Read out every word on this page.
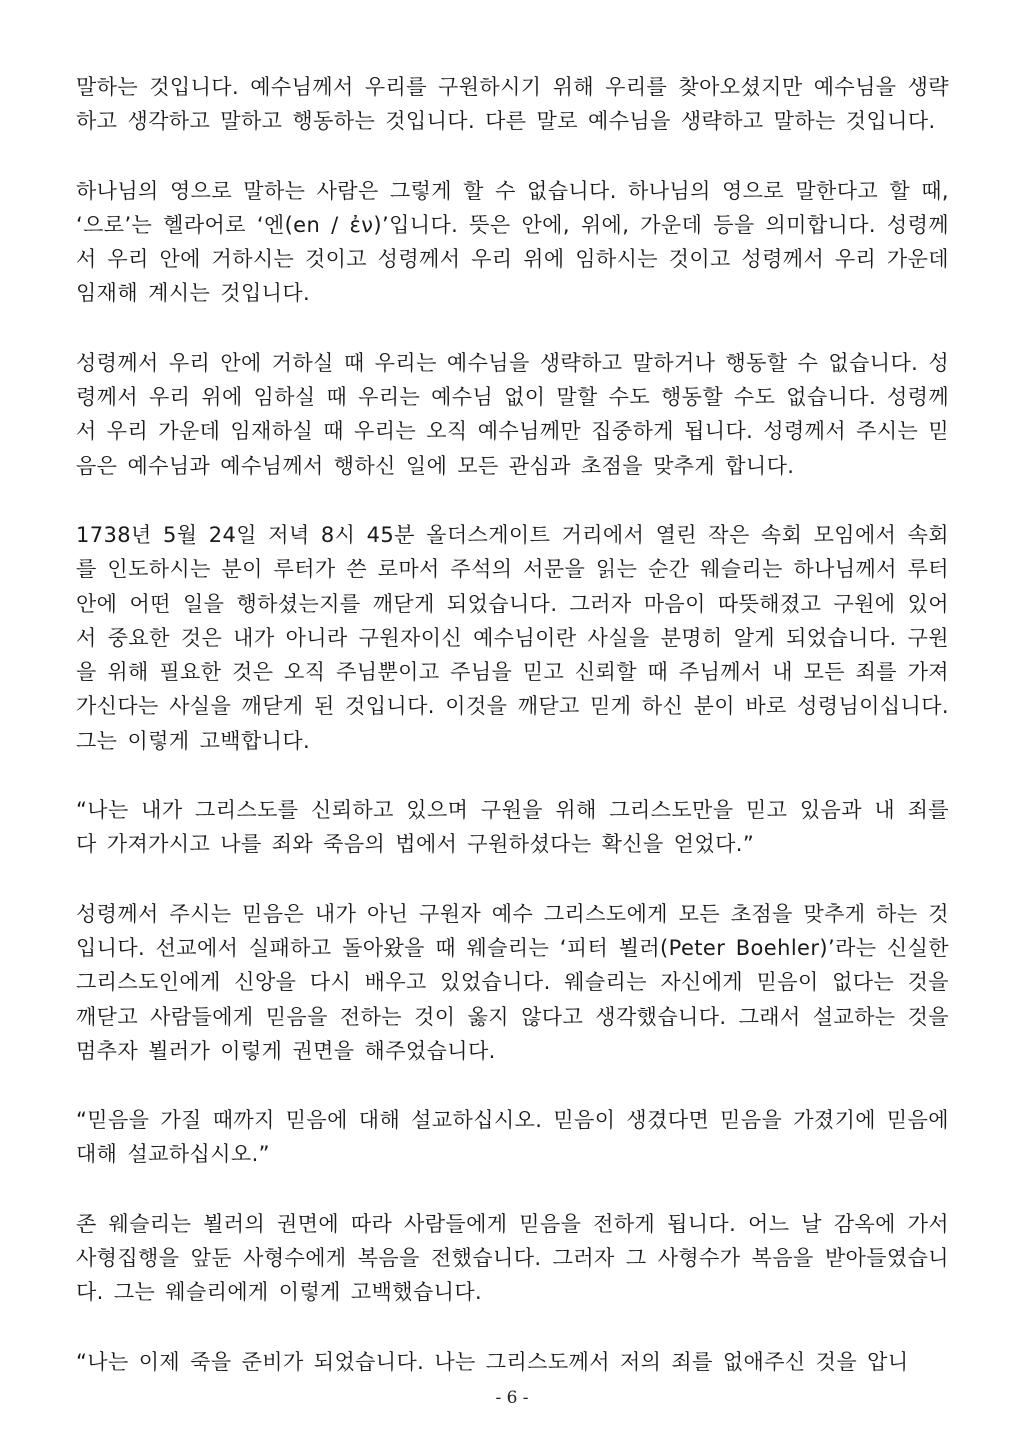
말하는 것입니다. 예수님께서 우리를 구원하시기 위해 우리를 찾아오셨지만 예수님을 생략하고 생각하고 말하고 행동하는 것입니다. 다른 말로 예수님을 생략하고 말하는 것입니다.

하나님의 영으로 말하는 사람은 그렇게 할 수 없습니다. 하나님의 영으로 말한다고 할 때, ‘으로’는 헬라어로 ‘엔(en / ἐν)’입니다. 뜻은 안에, 위에, 가운데 등을 의미합니다. 성령께서 우리 안에 거하시는 것이고 성령께서 우리 위에 임하시는 것이고 성령께서 우리 가운데 임재해 계시는 것입니다.

성령께서 우리 안에 거하실 때 우리는 예수님을 생략하고 말하거나 행동할 수 없습니다. 성령께서 우리 위에 임하실 때 우리는 예수님 없이 말할 수도 행동할 수도 없습니다. 성령께서 우리 가운데 임재하실 때 우리는 오직 예수님께만 집중하게 됩니다. 성령께서 주시는 믿음은 예수님과 예수님께서 행하신 일에 모든 관심과 초점을 맞추게 합니다.

1738년 5월 24일 저녁 8시 45분 올더스게이트 거리에서 열린 작은 속회 모임에서 속회를 인도하시는 분이 루터가 쓴 로마서 주석의 서문을 읽는 순간 웨슬리는 하나님께서 루터 안에 어떤 일을 행하셨는지를 깨닫게 되었습니다. 그러자 마음이 따뜻해졌고 구원에 있어서 중요한 것은 내가 아니라 구원자이신 예수님이란 사실을 분명히 알게 되었습니다. 구원을 위해 필요한 것은 오직 주님뿐이고 주님을 믿고 신뢰할 때 주님께서 내 모든 죄를 가져가신다는 사실을 깨닫게 된 것입니다. 이것을 깨닫고 믿게 하신 분이 바로 성령님이십니다. 그는 이렇게 고백합니다.

“나는 내가 그리스도를 신뢰하고 있으며 구원을 위해 그리스도만을 믿고 있음과 내 죄를 다 가져가시고 나를 죄와 죽음의 법에서 구원하셨다는 확신을 얻었다.”

성령께서 주시는 믿음은 내가 아닌 구원자 예수 그리스도에게 모든 초점을 맞추게 하는 것입니다. 선교에서 실패하고 돌아왔을 때 웨슬리는 ‘피터 뵐러(Peter Boehler)’라는 신실한 그리스도인에게 신앙을 다시 배우고 있었습니다. 웨슬리는 자신에게 믿음이 없다는 것을 깨닫고 사람들에게 믿음을 전하는 것이 옳지 않다고 생각했습니다. 그래서 설교하는 것을 멈추자 뵐러가 이렇게 권면을 해주었습니다.

“믿음을 가질 때까지 믿음에 대해 설교하십시오. 믿음이 생겼다면 믿음을 가졌기에 믿음에 대해 설교하십시오.”

존 웨슬리는 뵐러의 권면에 따라 사람들에게 믿음을 전하게 됩니다. 어느 날 감옥에 가서 사형집행을 앞둔 사형수에게 복음을 전했습니다. 그러자 그 사형수가 복음을 받아들였습니다. 그는 웨슬리에게 이렇게 고백했습니다.

“나는 이제 죽을 준비가 되었습니다. 나는 그리스도께서 저의 죄를 없애주신 것을 압니

- 6 -
